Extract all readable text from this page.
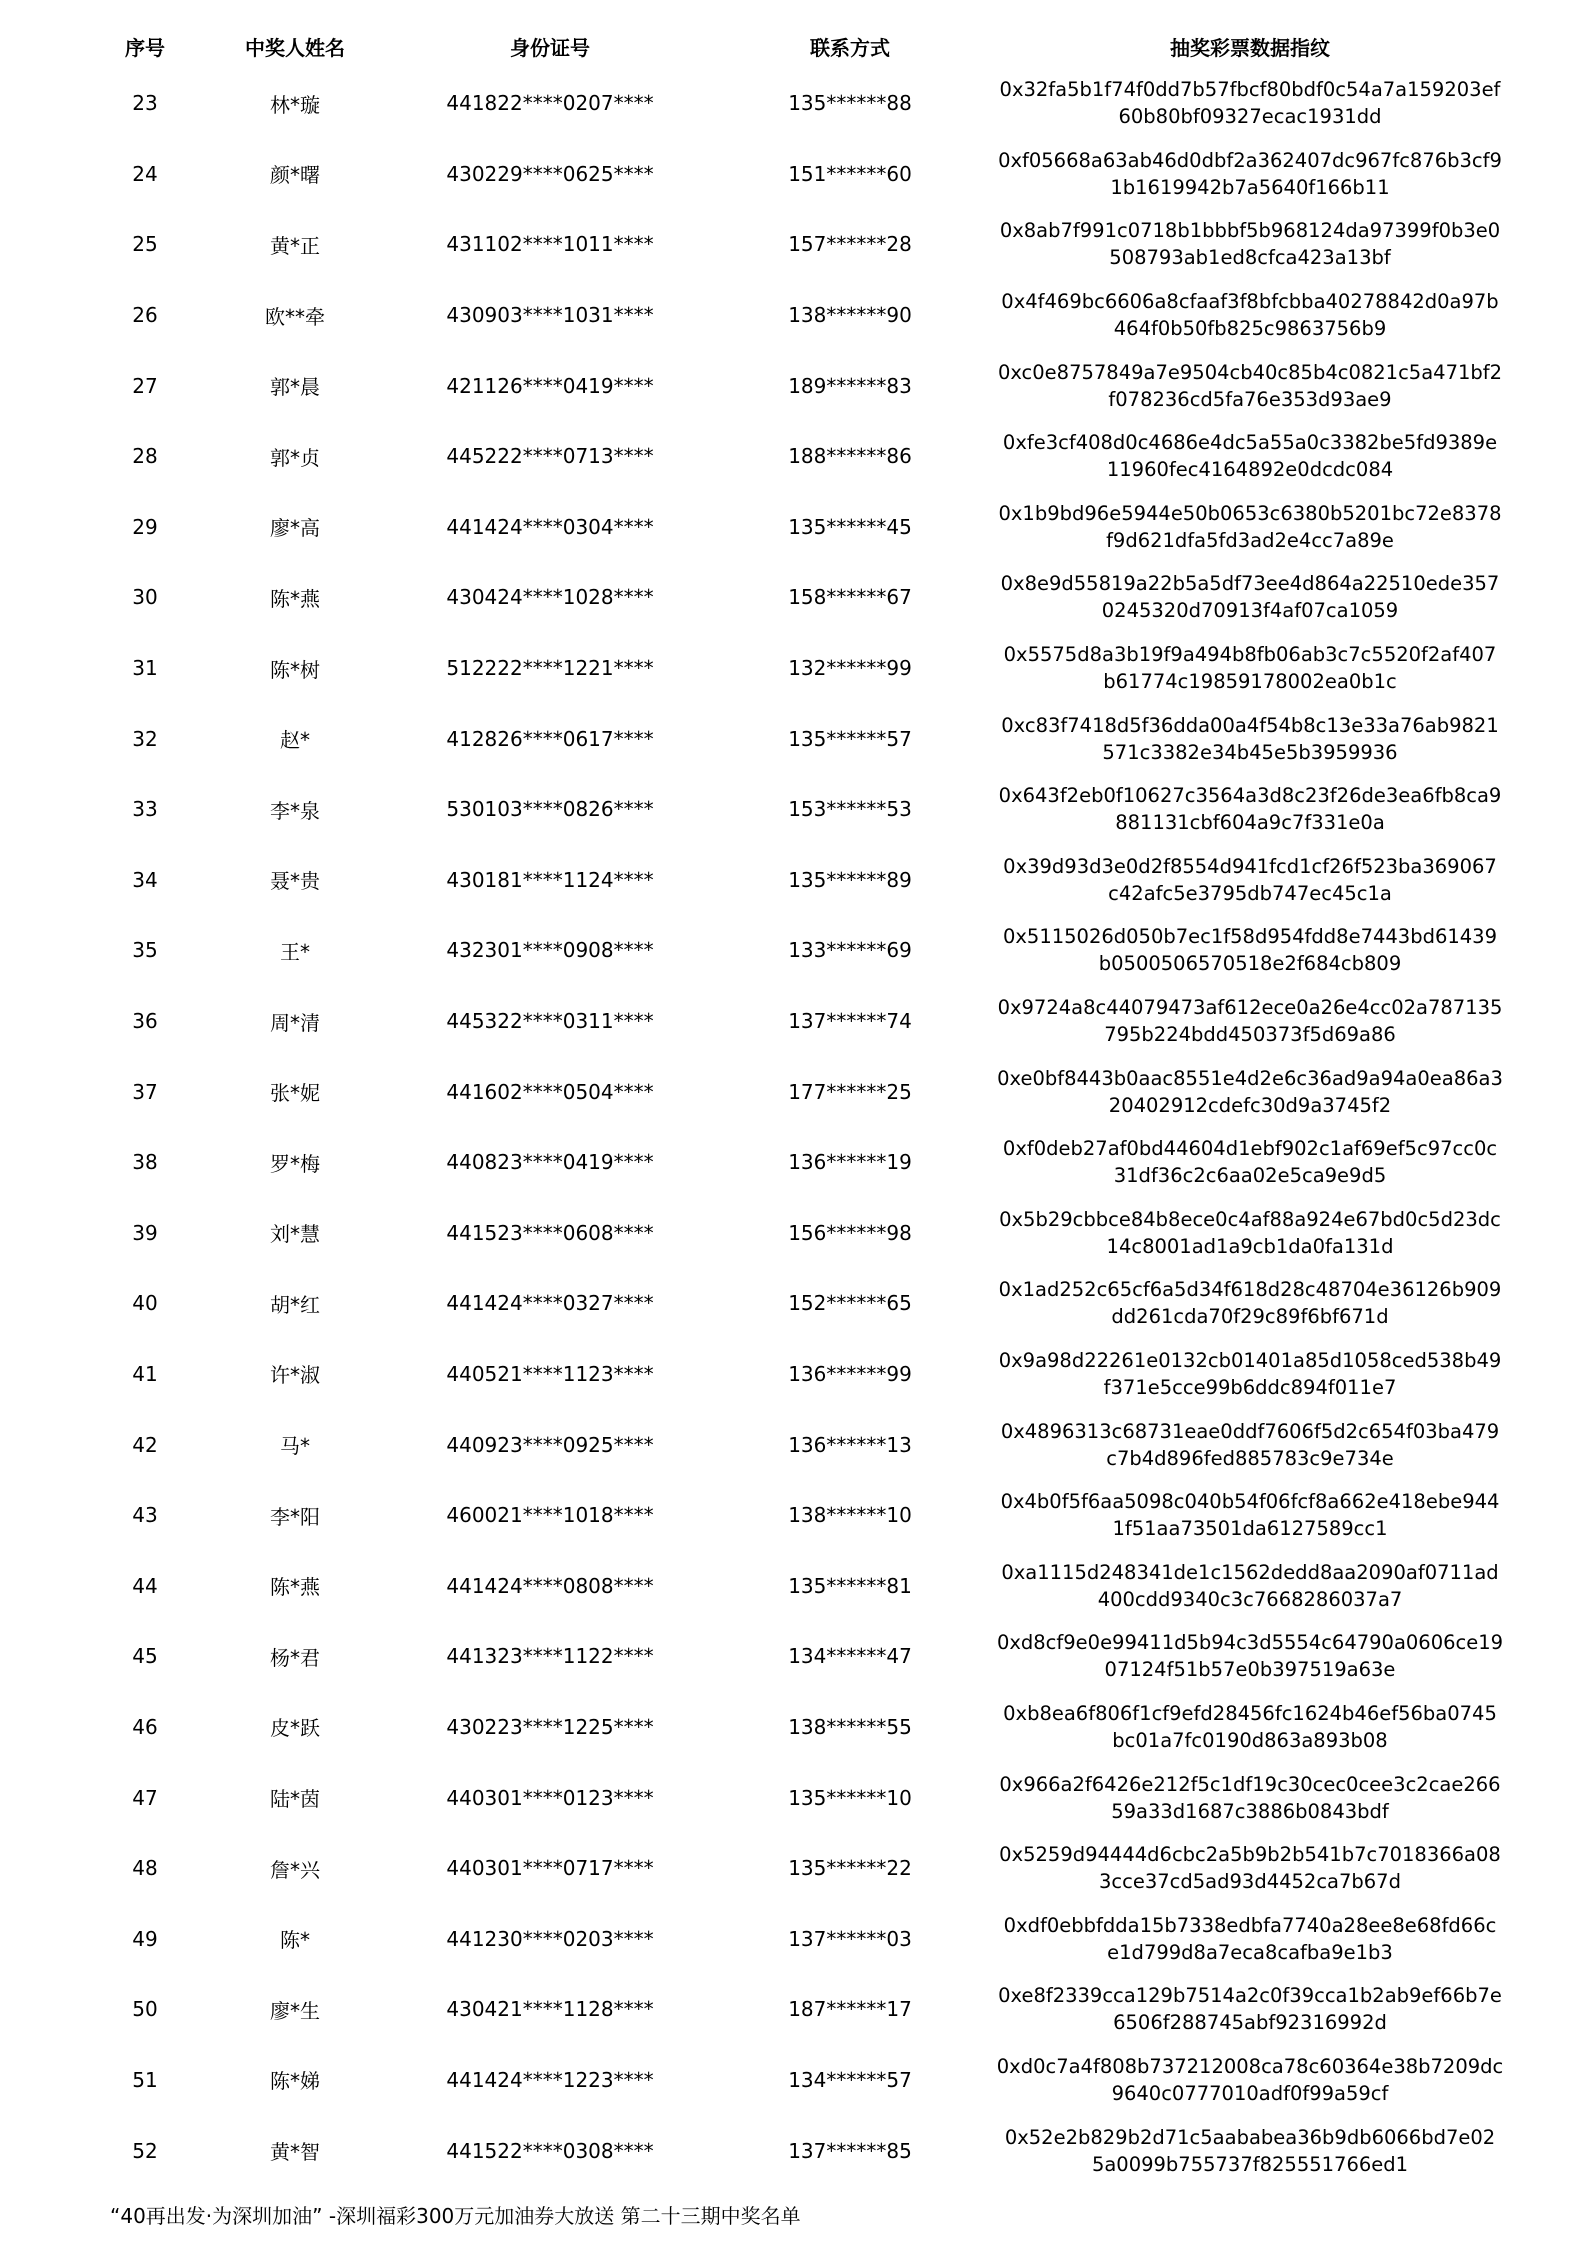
序号	中奖人姓名	身份证号	联系方式	抽奖彩票数据指纹
23	林*璇	441822****0207****	135******88	0x32fa5b1f74f0dd7b57fbcf80bdf0c54a7a159203ef
60b80bf09327ecac1931dd

24	颜*曙	430229****0625****	151******60	0xf05668a63ab46d0dbf2a362407dc967fc876b3cf9
1b1619942b7a5640f166b11

25	黄*正	431102****1011****	157******28	0x8ab7f991c0718b1bbbf5b968124da97399f0b3e0
508793ab1ed8cfca423a13bf

26	欧**牵	430903****1031****	138******90	0x4f469bc6606a8cfaaf3f8bfcbba40278842d0a97b
464f0b50fb825c9863756b9

27	郭*晨	421126****0419****	189******83	0xc0e8757849a7e9504cb40c85b4c0821c5a471bf2
f078236cd5fa76e353d93ae9

28	郭*贞	445222****0713****	188******86	0xfe3cf408d0c4686e4dc5a55a0c3382be5fd9389e
11960fec4164892e0dcdc084

29	廖*高	441424****0304****	135******45	0x1b9bd96e5944e50b0653c6380b5201bc72e8378
f9d621dfa5fd3ad2e4cc7a89e

30	陈*燕	430424****1028****	158******67	0x8e9d55819a22b5a5df73ee4d864a22510ede357
0245320d70913f4af07ca1059

31	陈*树	512222****1221****	132******99	0x5575d8a3b19f9a494b8fb06ab3c7c5520f2af407
b61774c19859178002ea0b1c

32	赵*	412826****0617****	135******57	0xc83f7418d5f36dda00a4f54b8c13e33a76ab9821
571c3382e34b45e5b3959936

33	李*泉	530103****0826****	153******53	0x643f2eb0f10627c3564a3d8c23f26de3ea6fb8ca9
881131cbf604a9c7f331e0a

34	聂*贵	430181****1124****	135******89	0x39d93d3e0d2f8554d941fcd1cf26f523ba369067
c42afc5e3795db747ec45c1a

35	王*	432301****0908****	133******69	0x5115026d050b7ec1f58d954fdd8e7443bd61439
b0500506570518e2f684cb809

36	周*清	445322****0311****	137******74	0x9724a8c44079473af612ece0a26e4cc02a787135
795b224bdd450373f5d69a86

37	张*妮	441602****0504****	177******25	0xe0bf8443b0aac8551e4d2e6c36ad9a94a0ea86a3
20402912cdefc30d9a3745f2

38	罗*梅	440823****0419****	136******19	0xf0deb27af0bd44604d1ebf902c1af69ef5c97cc0c
31df36c2c6aa02e5ca9e9d5

39	刘*慧	441523****0608****	156******98	0x5b29cbbce84b8ece0c4af88a924e67bd0c5d23dc
14c8001ad1a9cb1da0fa131d

40	胡*红	441424****0327****	152******65	0x1ad252c65cf6a5d34f618d28c48704e36126b909
dd261cda70f29c89f6bf671d

41	许*淑	440521****1123****	136******99	0x9a98d22261e0132cb01401a85d1058ced538b49
f371e5cce99b6ddc894f011e7

42	马*	440923****0925****	136******13	0x4896313c68731eae0ddf7606f5d2c654f03ba479
c7b4d896fed885783c9e734e

43	李*阳	460021****1018****	138******10	0x4b0f5f6aa5098c040b54f06fcf8a662e418ebe944
1f51aa73501da6127589cc1

44	陈*燕	441424****0808****	135******81	0xa1115d248341de1c1562dedd8aa2090af0711ad
400cdd9340c3c7668286037a7

45	杨*君	441323****1122****	134******47	0xd8cf9e0e99411d5b94c3d5554c64790a0606ce19
07124f51b57e0b397519a63e

46	皮*跃	430223****1225****	138******55	0xb8ea6f806f1cf9efd28456fc1624b46ef56ba0745
bc01a7fc0190d863a893b08

47	陆*茵	440301****0123****	135******10	0x966a2f6426e212f5c1df19c30cec0cee3c2cae266
59a33d1687c3886b0843bdf

48	詹*兴	440301****0717****	135******22	0x5259d94444d6cbc2a5b9b2b541b7c7018366a08
3cce37cd5ad93d4452ca7b67d

49	陈*	441230****0203****	137******03	0xdf0ebbfdda15b7338edbfa7740a28ee8e68fd66c
e1d799d8a7eca8cafba9e1b3

50	廖*生	430421****1128****	187******17	0xe8f2339cca129b7514a2c0f39cca1b2ab9ef66b7e
6506f288745abf92316992d

51	陈*娣	441424****1223****	134******57	0xd0c7a4f808b737212008ca78c60364e38b7209dc
9640c0777010adf0f99a59cf

52	黄*智	441522****0308****	137******85	0x52e2b829b2d71c5aababea36b9db6066bd7e02
5a0099b755737f825551766ed1
“40再出发·为深圳加油” -深圳福彩300万元加油券大放送 第二十三期中奖名单
